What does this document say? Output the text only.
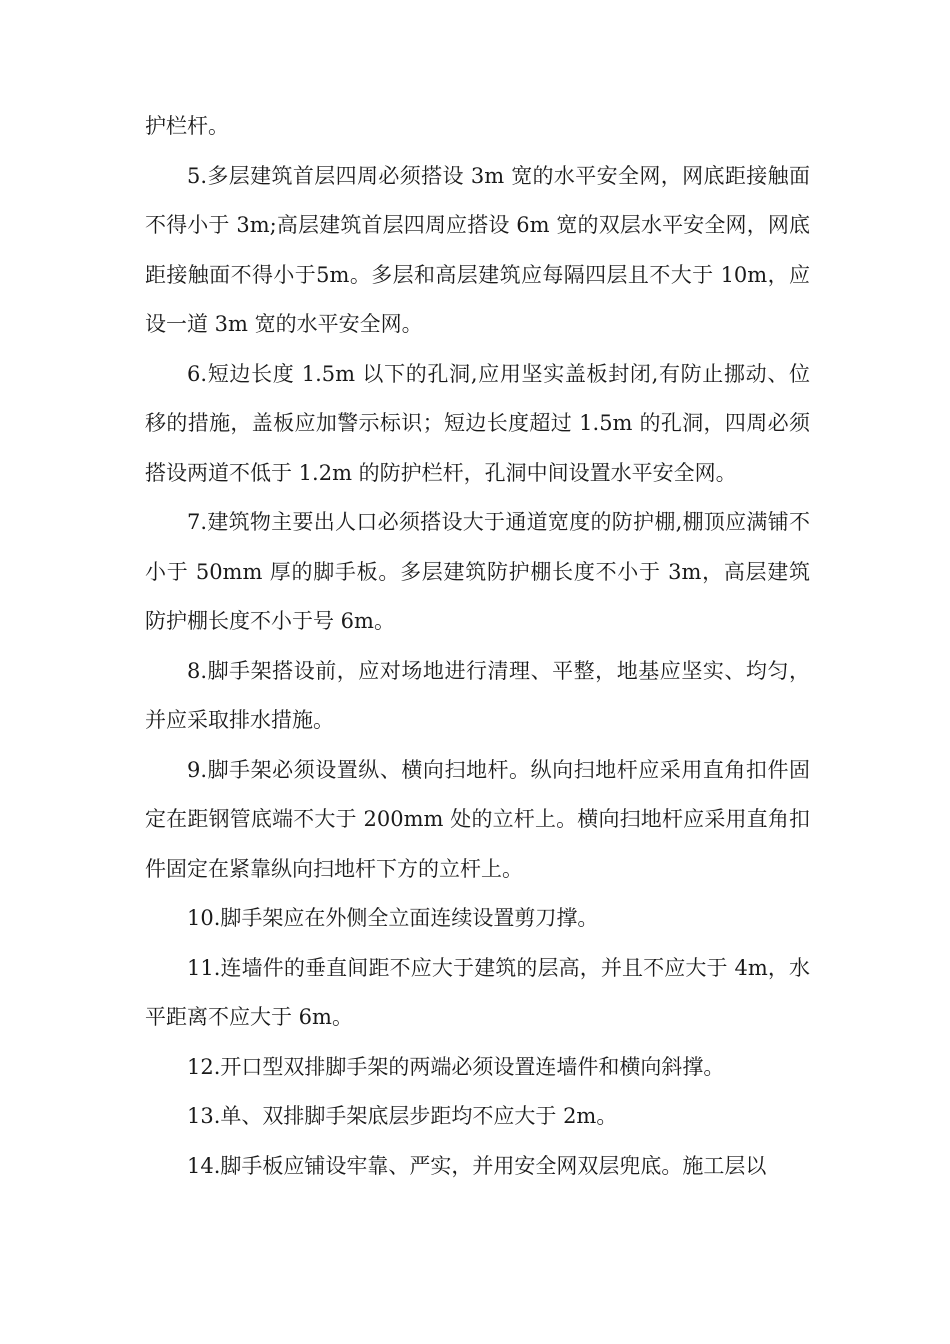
护栏杆。

5.多层建筑首层四周必须搭设 3m 宽的水平安全网，网底距接触面不得小于 3m;高层建筑首层四周应搭设 6m 宽的双层水平安全网，网底距接触面不得小于5m。多层和高层建筑应每隔四层且不大于 10m，应设一道 3m 宽的水平安全网。

6.短边长度 1.5m 以下的孔洞,应用坚实盖板封闭,有防止挪动、位移的措施，盖板应加警示标识；短边长度超过 1.5m 的孔洞，四周必须搭设两道不低于 1.2m 的防护栏杆，孔洞中间设置水平安全网。

7.建筑物主要出人口必须搭设大于通道宽度的防护棚,棚顶应满铺不小于 50mm 厚的脚手板。多层建筑防护棚长度不小于 3m，高层建筑防护棚长度不小于号 6m。

8.脚手架搭设前，应对场地进行清理、平整，地基应坚实、均匀，并应采取排水措施。

9.脚手架必须设置纵、横向扫地杆。纵向扫地杆应采用直角扣件固定在距钢管底端不大于 200mm 处的立杆上。横向扫地杆应采用直角扣件固定在紧靠纵向扫地杆下方的立杆上。

10.脚手架应在外侧全立面连续设置剪刀撑。

11.连墙件的垂直间距不应大于建筑的层高，并且不应大于 4m，水平距离不应大于 6m。

12.开口型双排脚手架的两端必须设置连墙件和横向斜撑。

13.单、双排脚手架底层步距均不应大于 2m。

14.脚手板应铺设牢靠、严实，并用安全网双层兜底。施工层以
